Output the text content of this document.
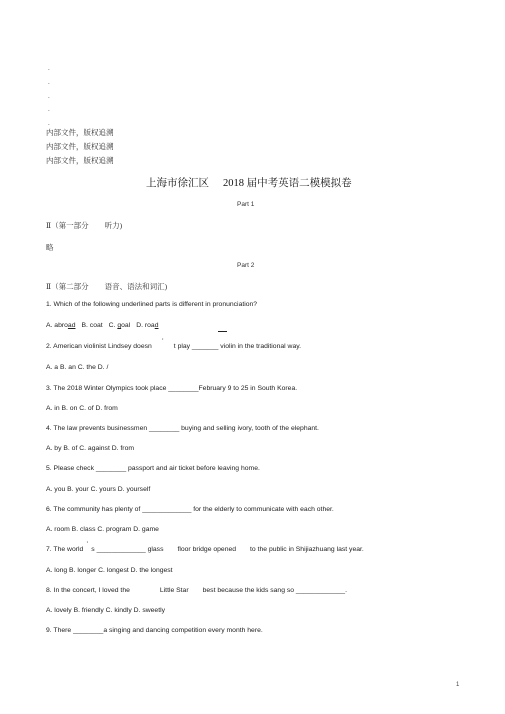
.
.
.
.
.
内部文件，版权追溯
内部文件，版权追溯
内部文件，版权追溯
上海市徐汇区 2018 届中考英语二模模拟卷
Part 1
Ⅱ（第一部分 听力)
略
Part 2
Ⅱ（第二部分 语音、语法和词汇)
1. Which of the following underlined parts is different in pronunciation?
A. abroad B. coat C. goal D. road
2. American violinist Lindsey doesn’t play _______ violin in the traditional way.
A. a B. an C. the D. /
3. The 2018 Winter Olympics took place ________February 9 to 25 in South Korea.
A. in B. on C. of D. from
4. The law prevents businessmen ________ buying and selling ivory, tooth of the elephant.
A. by B. of C. against D. from
5. Please check ________ passport and air ticket before leaving home.
A. you B. your C. yours D. yourself
6. The community has plenty of _____________ for the elderly to communicate with each other.
A. room B. class C. program D. game
7. The world’s _____________ glass floor bridge opened to the public in Shijiazhuang last year.
A. long B. longer C. longest D. the longest
8. In the concert, I loved the	Little Star best because the kids sang so _____________.
A. lovely B. friendly C. kindly D. sweetly
9. There ________a singing and dancing competition every month here.
1
